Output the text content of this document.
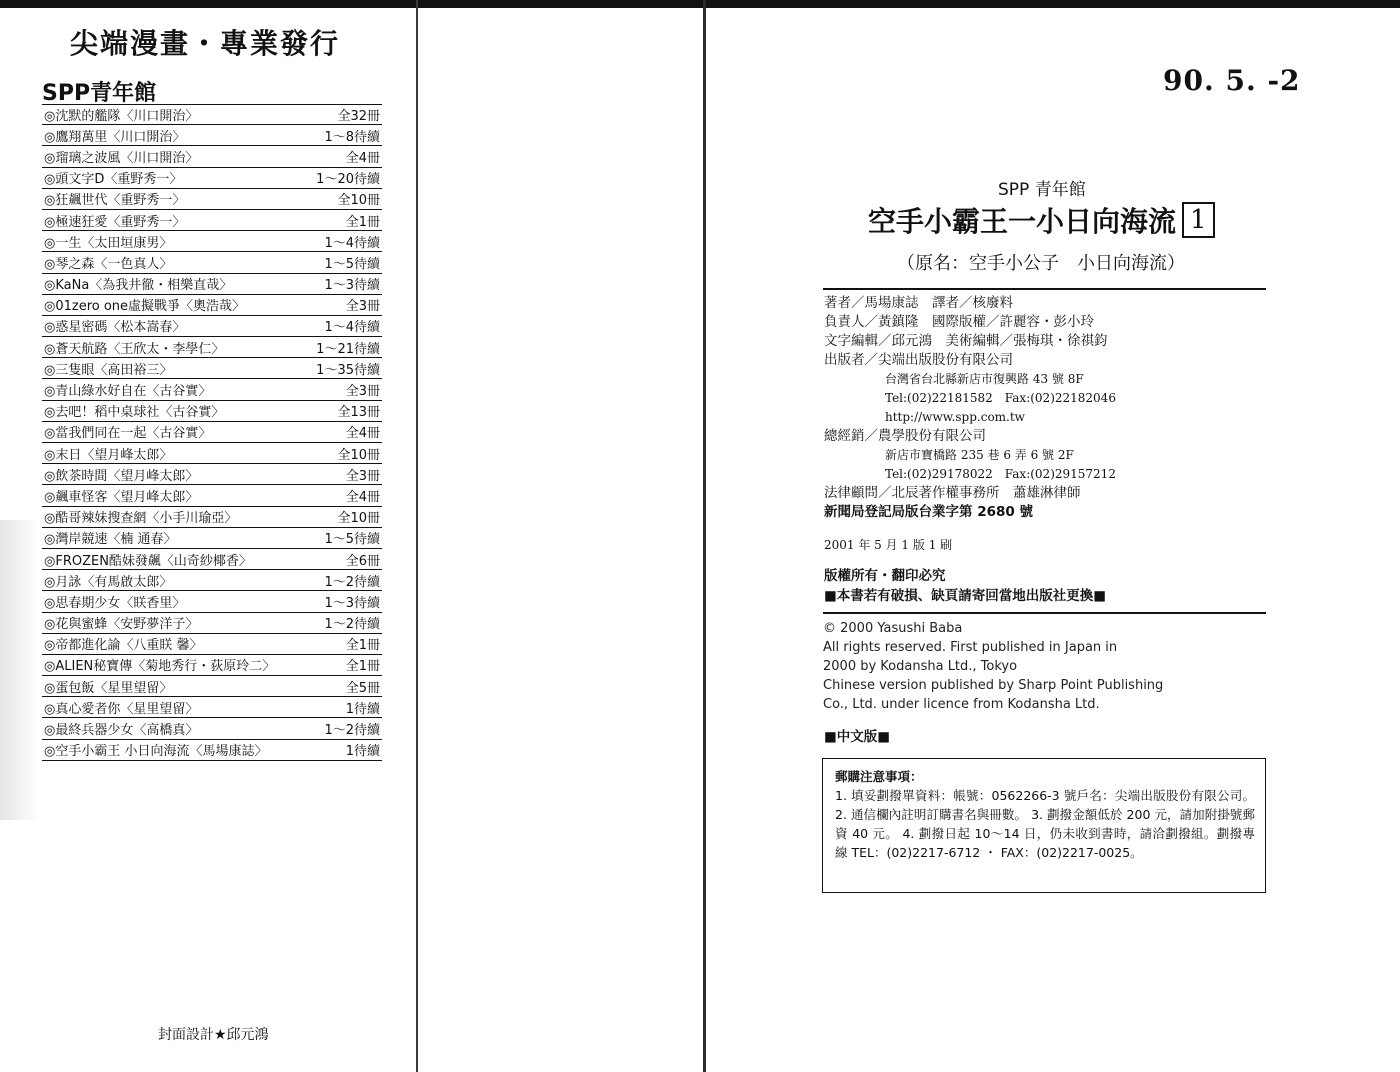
尖端漫畫・專業發行
SPP青年館
◎沈默的艦隊〈川口開治〉	全32冊
◎鷹翔萬里〈川口開治〉	1～8待續
◎瑠璃之波風〈川口開治〉	全4冊
◎頭文字D〈重野秀一〉	1～20待續
◎狂飆世代〈重野秀一〉	全10冊
◎極速狂愛〈重野秀一〉	全1冊
◎一生〈太田垣康男〉	1～4待續
◎琴之森〈一色真人〉	1～5待續
◎KaNa〈為我井徹・相樂直哉〉	1～3待續
◎01zero one虛擬戰爭〈奧浩哉〉	全3冊
◎惑星密碼〈松本嵩春〉	1～4待續
◎蒼天航路〈王欣太・李學仁〉	1～21待續
◎三隻眼〈高田裕三〉	1～35待續
◎青山綠水好自在〈古谷實〉	全3冊
◎去吧！稻中桌球社〈古谷實〉	全13冊
◎當我們同在一起〈古谷實〉	全4冊
◎末日〈望月峰太郎〉	全10冊
◎飲茶時間〈望月峰太郎〉	全3冊
◎飆車怪客〈望月峰太郎〉	全4冊
◎酷哥辣妹搜查網〈小手川瑜亞〉	全10冊
◎灣岸競速〈楠 通春〉	1～5待續
◎FROZEN酷妹發飆〈山奇紗椰香〉	全6冊
◎月詠〈有馬啟太郎〉	1～2待續
◎思春期少女〈眹香里〉	1～3待續
◎花與蜜蜂〈安野夢洋子〉	1～2待續
◎帝都進化論〈八重眹 馨〉	全1冊
◎ALIEN秘寶傳〈菊地秀行・荻原玲二〉	全1冊
◎蛋包飯〈星里望留〉	全5冊
◎真心愛者你〈星里望留〉	1待續
◎最終兵器少女〈高橋真〉	1～2待續
◎空手小霸王 小日向海流〈馬場康誌〉	1待續
封面設計★邱元鴻
90. 5. -2
SPP 青年館
空手小霸王一小日向海流 1
（原名：空手小公子　小日向海流）
著者／馬場康誌　譯者／核廢料
負責人／黃鎮隆　國際版權／許麗容・彭小玲
文字編輯／邱元鴻　美術編輯／張梅琪・徐祺鈞
出版者／尖端出版股份有限公司
台灣省台北縣新店市復興路 43 號 8F
Tel:(02)22181582　Fax:(02)22182046
http://www.spp.com.tw
總經銷／農學股份有限公司
新店市寶橋路 235 巷 6 弄 6 號 2F
Tel:(02)29178022　Fax:(02)29157212
法律顧問／北辰著作權事務所　蕭雄淋律師
新聞局登記局版台業字第 2680 號
2001 年 5 月 1 版 1 刷
版權所有・翻印必究
■本書若有破損、缺頁請寄回當地出版社更換■
© 2000 Yasushi Baba
All rights reserved. First published in Japan in
2000 by Kodansha Ltd., Tokyo
Chinese version published by Sharp Point Publishing
Co., Ltd. under licence from Kodansha Ltd.
■中文版■
郵購注意事項：
1. 填妥劃撥單資料：帳號：0562266-3 號戶名：尖端出版股份有限公司。 2. 通信欄內註明訂購書名與冊數。 3. 劃撥金額低於 200 元，請加附掛號郵資 40 元。 4. 劃撥日起 10～14 日，仍未收到書時，請洽劃撥組。劃撥專線 TEL：(02)2217-6712 ・ FAX：(02)2217-0025。
